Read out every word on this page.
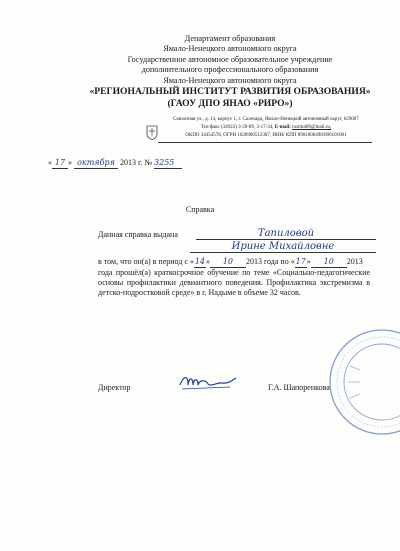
Департамент образования
Ямало-Ненецкого автономного округа
Государственное автономное образовательное учреждение
дополнительного профессионального образования
Ямало-Ненецкого автономного округа
«РЕГИОНАЛЬНЫЙ ИНСТИТУТ РАЗВИТИЯ ОБРАЗОВАНИЯ»
(ГАОУ ДПО ЯНАО «РИРО»)
Совхозная ул., д. 14, корпус 1, г. Салехард, Ямало-Ненецкий автономный округ, 629007
Тел/факс (34922) 3-39-89, 3-17-34, E-mail: institut89@mail.ru,
ОКПО 34454578, ОГРН 1028900512387, ИНН/ КПП 8901006490/890101001
« 17 » октября 2013 г. № 3255
Справка
Данная справка выдана	Тапиловой
Ирине Михайловне
в том, что он(а) в период с «14» 10 2013 года по «17» 10 2013
года прошёл(а) краткосрочное обучение по теме «Социально-педагогические основы профилактики девиантного поведения. Профилактика экстремизма в детско-подростковой среде» в г. Надыме в объеме 32 часов.
Директор	Г.А. Шапоренкова
